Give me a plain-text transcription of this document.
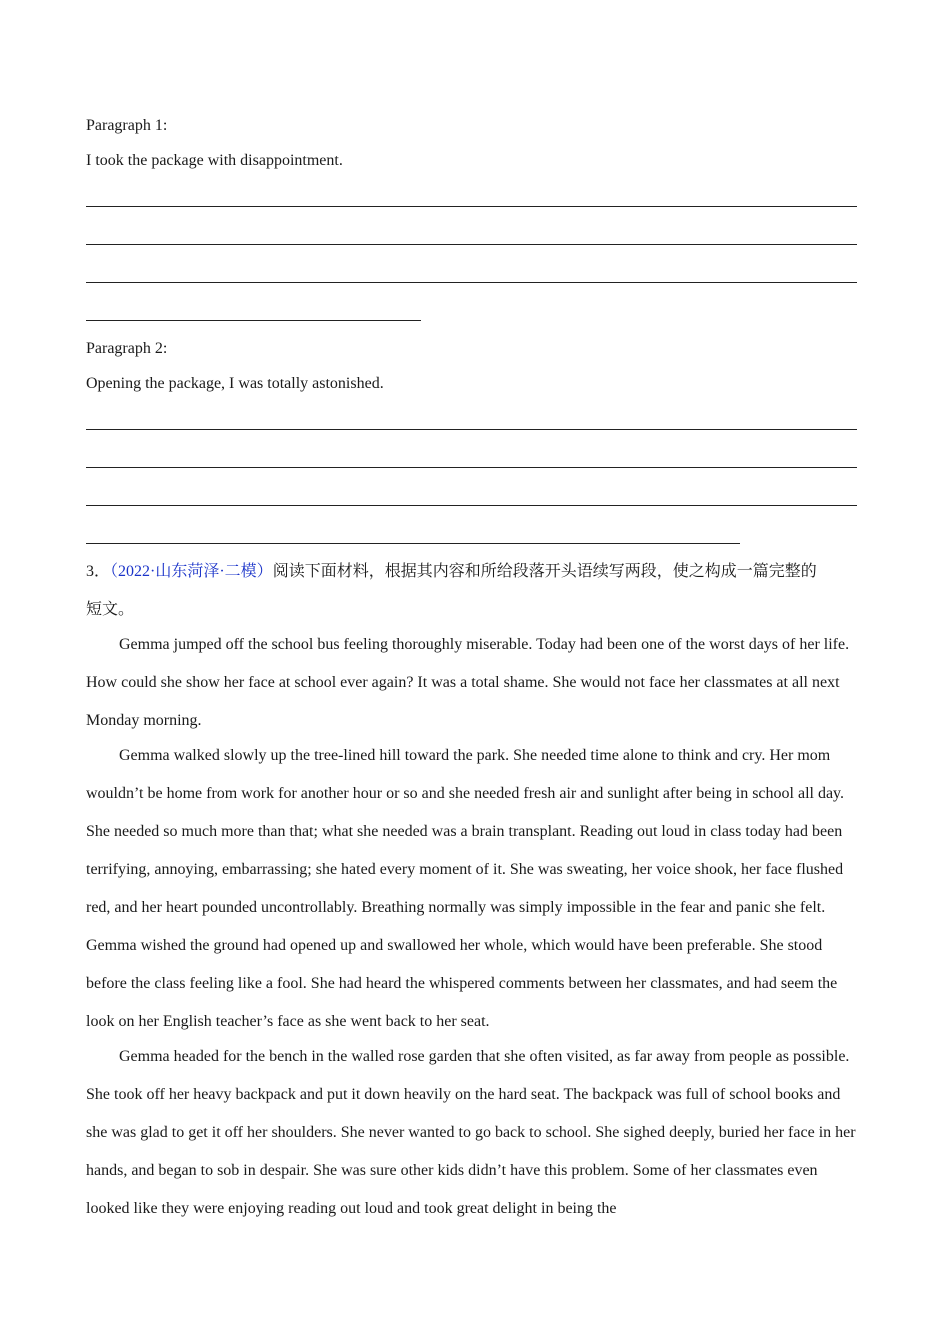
Paragraph 1:
I took the package with disappointment.
Paragraph 2:
Opening the package, I was totally astonished.
3．（2022·山东菏泽·二模）阅读下面材料，根据其内容和所给段落开头语续写两段，使之构成一篇完整的
短文。
Gemma jumped off the school bus feeling thoroughly miserable. Today had been one of the worst days of her life. How could she show her face at school ever again? It was a total shame. She would not face her classmates at all next Monday morning.
Gemma walked slowly up the tree-lined hill toward the park. She needed time alone to think and cry. Her mom wouldn’t be home from work for another hour or so and she needed fresh air and sunlight after being in school all day. She needed so much more than that; what she needed was a brain transplant. Reading out loud in class today had been terrifying, annoying, embarrassing; she hated every moment of it. She was sweating, her voice shook, her face flushed red, and her heart pounded uncontrollably. Breathing normally was simply impossible in the fear and panic she felt. Gemma wished the ground had opened up and swallowed her whole, which would have been preferable. She stood before the class feeling like a fool. She had heard the whispered comments between her classmates, and had seem the look on her English teacher’s face as she went back to her seat.
Gemma headed for the bench in the walled rose garden that she often visited, as far away from people as possible. She took off her heavy backpack and put it down heavily on the hard seat. The backpack was full of school books and she was glad to get it off her shoulders. She never wanted to go back to school. She sighed deeply, buried her face in her hands, and began to sob in despair. She was sure other kids didn’t have this problem. Some of her classmates even looked like they were enjoying reading out loud and took great delight in being the
